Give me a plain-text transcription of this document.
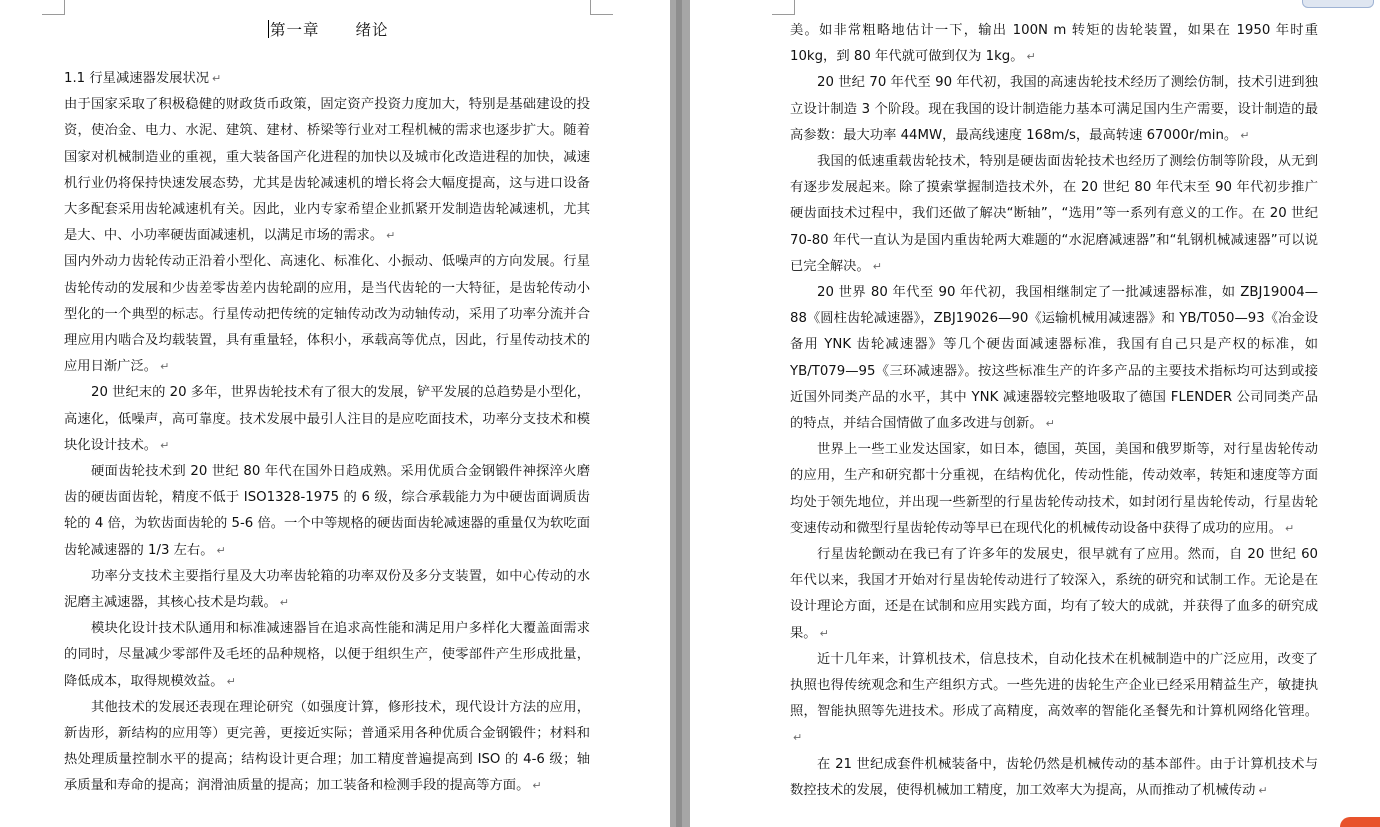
第一章 绪论

1.1 行星减速器发展状况 ↵

由于国家采取了积极稳健的财政货币政策，固定资产投资力度加大，特别是基础建设的投资，使冶金、电力、水泥、建筑、建材、桥梁等行业对工程机械的需求也逐步扩大。随着国家对机械制造业的重视，重大装备国产化进程的加快以及城市化改造进程的加快，减速机行业仍将保持快速发展态势，尤其是齿轮减速机的增长将会大幅度提高，这与进口设备大多配套采用齿轮减速机有关。因此，业内专家希望企业抓紧开发制造齿轮减速机，尤其是大、中、小功率硬齿面减速机，以满足市场的需求。 ↵

国内外动力齿轮传动正沿着小型化、高速化、标准化、小振动、低噪声的方向发展。行星齿轮传动的发展和少齿差零齿差内齿轮副的应用，是当代齿轮的一大特征，是齿轮传动小型化的一个典型的标志。行星传动把传统的定轴传动改为动轴传动，采用了功率分流并合理应用内啮合及均载装置，具有重量轻，体积小，承载高等优点，因此，行星传动技术的应用日渐广泛。 ↵

20 世纪末的 20 多年，世界齿轮技术有了很大的发展，铲平发展的总趋势是小型化，高速化，低噪声，高可靠度。技术发展中最引人注目的是应吃面技术，功率分支技术和模块化设计技术。 ↵

硬面齿轮技术到 20 世纪 80 年代在国外日趋成熟。采用优质合金钢锻件神探淬火磨齿的硬齿面齿轮，精度不低于 ISO1328-1975 的 6 级，综合承载能力为中硬齿面调质齿轮的 4 倍，为软齿面齿轮的 5-6 倍。一个中等规格的硬齿面齿轮减速器的重量仅为软吃面齿轮减速器的 1/3 左右。 ↵

功率分支技术主要指行星及大功率齿轮箱的功率双份及多分支装置，如中心传动的水泥磨主减速器，其核心技术是均载。 ↵

模块化设计技术队通用和标准减速器旨在追求高性能和满足用户多样化大覆盖面需求的同时，尽量减少零部件及毛坯的品种规格，以便于组织生产，使零部件产生形成批量，降低成本，取得规模效益。 ↵

其他技术的发展还表现在理论研究（如强度计算，修形技术，现代设计方法的应用，新齿形，新结构的应用等）更完善，更接近实际；普通采用各种优质合金钢锻件；材料和热处理质量控制水平的提高；结构设计更合理；加工精度普遍提高到 ISO 的 4-6 级；轴承质量和寿命的提高；润滑油质量的提高；加工装备和检测手段的提高等方面。 ↵

美。如非常粗略地估计一下，输出 100N m 转矩的齿轮装置，如果在 1950 年时重 10kg，到 80 年代就可做到仅为 1kg。 ↵

20 世纪 70 年代至 90 年代初，我国的高速齿轮技术经历了测绘仿制，技术引进到独立设计制造 3 个阶段。现在我国的设计制造能力基本可满足国内生产需要，设计制造的最高参数：最大功率 44MW，最高线速度 168m/s，最高转速 67000r/min。 ↵

我国的低速重载齿轮技术，特别是硬齿面齿轮技术也经历了测绘仿制等阶段，从无到有逐步发展起来。除了摸索掌握制造技术外，在 20 世纪 80 年代末至 90 年代初步推广硬齿面技术过程中，我们还做了解决“断轴”，“选用”等一系列有意义的工作。在 20 世纪 70-80 年代一直认为是国内重齿轮两大难题的“水泥磨减速器”和“轧钢机械减速器”可以说已完全解决。 ↵

20 世界 80 年代至 90 年代初，我国相继制定了一批减速器标准，如 ZBJ19004—88《圆柱齿轮减速器》，ZBJ19026—90《运输机械用减速器》和 YB/T050—93《冶金设备用 YNK 齿轮减速器》等几个硬齿面减速器标准，我国有自己只是产权的标准，如 YB/T079—95《三环减速器》。按这些标准生产的许多产品的主要技术指标均可达到或接近国外同类产品的水平，其中 YNK 减速器较完整地吸取了德国 FLENDER 公司同类产品的特点，并结合国情做了血多改进与创新。 ↵

世界上一些工业发达国家，如日本，德国，英国，美国和俄罗斯等，对行星齿轮传动的应用，生产和研究都十分重视，在结构优化，传动性能，传动效率，转矩和速度等方面均处于领先地位，并出现一些新型的行星齿轮传动技术，如封闭行星齿轮传动，行星齿轮变速传动和微型行星齿轮传动等早已在现代化的机械传动设备中获得了成功的应用。 ↵

行星齿轮颤动在我已有了许多年的发展史，很早就有了应用。然而，自 20 世纪 60 年代以来，我国才开始对行星齿轮传动进行了较深入，系统的研究和试制工作。无论是在设计理论方面，还是在试制和应用实践方面，均有了较大的成就，并获得了血多的研究成果。 ↵

近十几年来，计算机技术，信息技术，自动化技术在机械制造中的广泛应用，改变了执照也得传统观念和生产组织方式。一些先进的齿轮生产企业已经采用精益生产，敏捷执照，智能执照等先进技术。形成了高精度，高效率的智能化圣餐先和计算机网络化管理。↵

在 21 世纪成套件机械装备中，齿轮仍然是机械传动的基本部件。由于计算机技术与数控技术的发展，使得机械加工精度，加工效率大为提高，从而推动了机械传动 ↵
